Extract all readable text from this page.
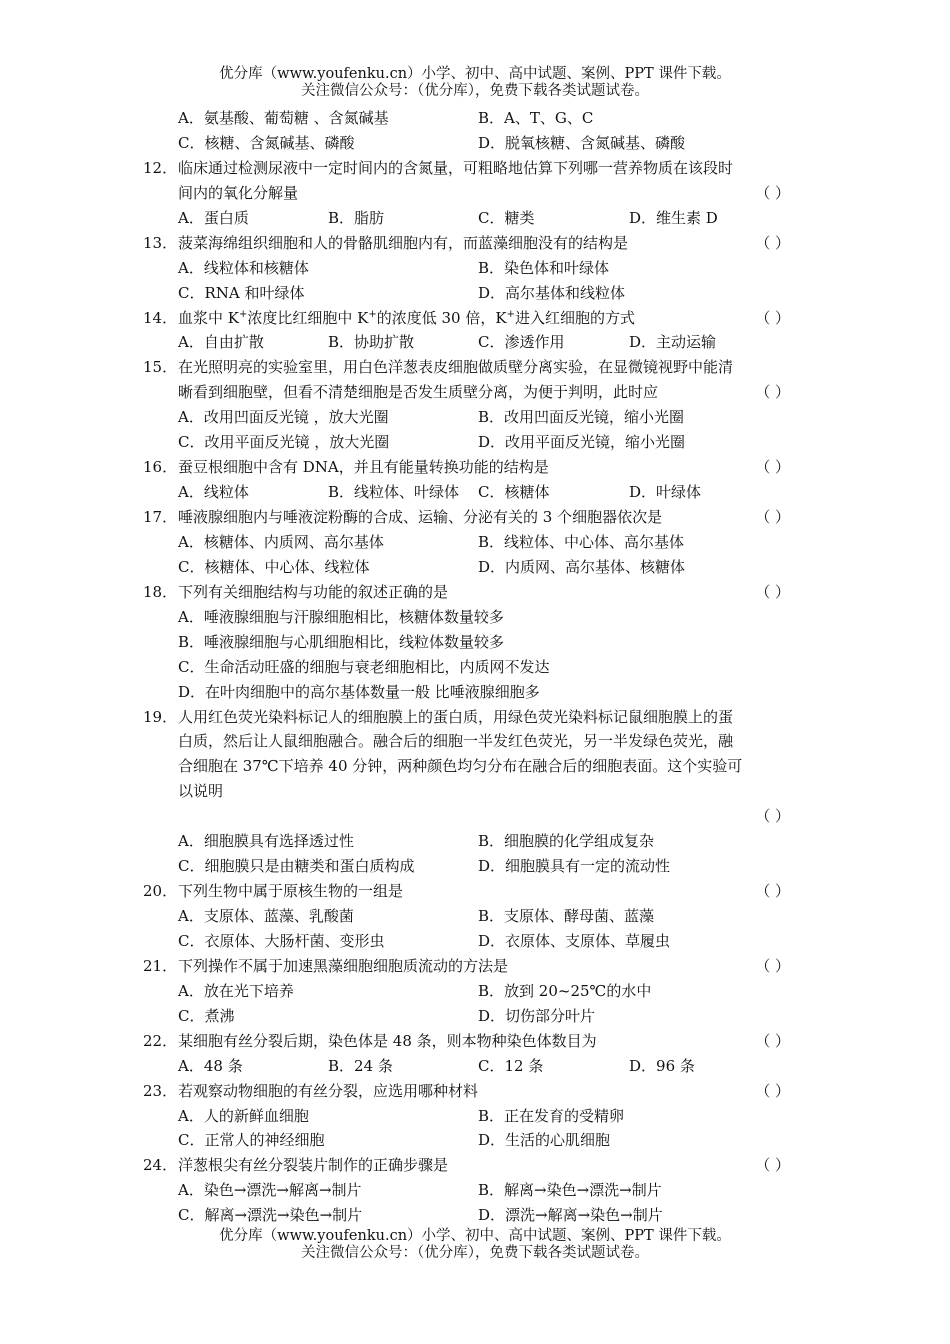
优分库（www.youfenku.cn）小学、初中、高中试题、案例、PPT 课件下载。
关注微信公众号：（优分库），免费下载各类试题试卷。
A．氨基酸、葡萄糖 、含氮碱基	B．A、T、G、C
C．核糖、含氮碱基、磷酸	D．脱氧核糖、含氮碱基、磷酸
12． 临床通过检测尿液中一定时间内的含氮量，可粗略地估算下列哪一营养物质在该段时
间内的氧化分解量	（ ）
A．蛋白质	B．脂肪	C．糖类	D．维生素 D
13． 菠菜海绵组织细胞和人的骨骼肌细胞内有，而蓝藻细胞没有的结构是	（ ）
A．线粒体和核糖体	B．染色体和叶绿体
C．RNA 和叶绿体	D．高尔基体和线粒体
14． 血浆中 K+浓度比红细胞中 K+的浓度低 30 倍，K+进入红细胞的方式	（ ）
A．自由扩散	B．协助扩散	C．渗透作用	D．主动运输
15． 在光照明亮的实验室里，用白色洋葱表皮细胞做质壁分离实验，在显微镜视野中能清
晰看到细胞壁，但看不清楚细胞是否发生质壁分离，为便于判明，此时应	（ ）
A．改用凹面反光镜 ，放大光圈	B．改用凹面反光镜，缩小光圈
C．改用平面反光镜 ，放大光圈	D．改用平面反光镜，缩小光圈
16． 蚕豆根细胞中含有 DNA，并且有能量转换功能的结构是	（ ）
A．线粒体	B．线粒体、叶绿体 C．核糖体	D．叶绿体
17． 唾液腺细胞内与唾液淀粉酶的合成、运输、分泌有关的 3 个细胞器依次是	（ ）
A．核糖体、内质网、高尔基体	B．线粒体、中心体、高尔基体
C．核糖体、中心体、线粒体	D．内质网、高尔基体、核糖体
18． 下列有关细胞结构与功能的叙述正确的是	（ ）
A．唾液腺细胞与汗腺细胞相比，核糖体数量较多
B．唾液腺细胞与心肌细胞相比，线粒体数量较多
C．生命活动旺盛的细胞与衰老细胞相比，内质网不发达
D．在叶肉细胞中的高尔基体数量一般 比唾液腺细胞多
19． 人用红色荧光染料标记人的细胞膜上的蛋白质，用绿色荧光染料标记鼠细胞膜上的蛋
白质，然后让人鼠细胞融合。融合后的细胞一半发红色荧光，另一半发绿色荧光，融
合细胞在 37℃下培养 40 分钟，两种颜色均匀分布在融合后的细胞表面。这个实验可
以说明
（ ）
A．细胞膜具有选择透过性	B．细胞膜的化学组成复杂
C．细胞膜只是由糖类和蛋白质构成	D．细胞膜具有一定的流动性
20． 下列生物中属于原核生物的一组是	（ ）
A．支原体、蓝藻、乳酸菌	B．支原体、酵母菌、蓝藻
C．衣原体、大肠杆菌、变形虫	D．衣原体、支原体、草履虫
21． 下列操作不属于加速黑藻细胞细胞质流动的方法是	（ ）
A．放在光下培养	B．放到 20~25℃的水中
C．煮沸	D．切伤部分叶片
22． 某细胞有丝分裂后期，染色体是 48 条，则本物种染色体数目为	（ ）
A．48 条	B．24 条	C．12 条	D．96 条
23． 若观察动物细胞的有丝分裂，应选用哪种材料	（ ）
A．人的新鲜血细胞	B．正在发育的受精卵
C．正常人的神经细胞	D．生活的心肌细胞
24． 洋葱根尖有丝分裂装片制作的正确步骤是	（ ）
A．染色→漂洗→解离→制片	B．解离→染色→漂洗→制片
C．解离→漂洗→染色→制片	D．漂洗→解离→染色→制片
优分库（www.youfenku.cn）小学、初中、高中试题、案例、PPT 课件下载。
关注微信公众号：（优分库），免费下载各类试题试卷。
